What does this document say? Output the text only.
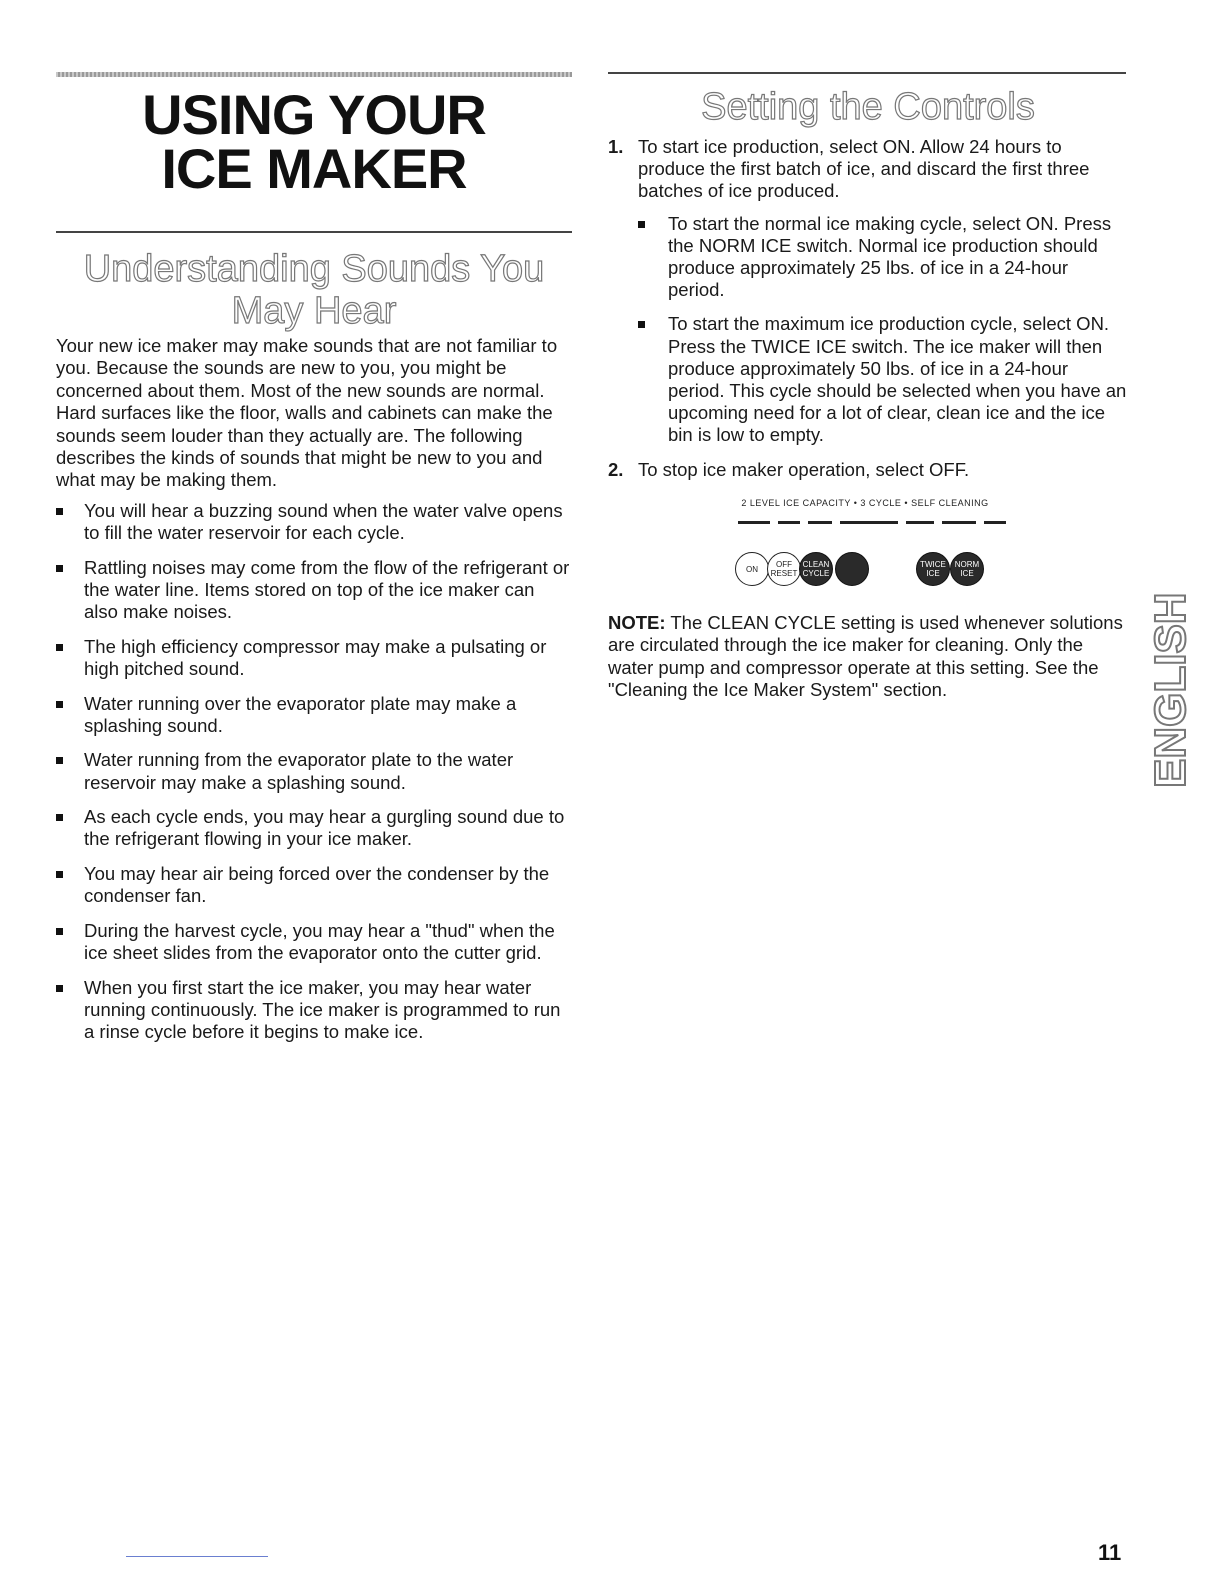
USING YOUR
ICE MAKER
Understanding Sounds You May Hear

Your new ice maker may make sounds that are not familiar to you. Because the sounds are new to you, you might be concerned about them. Most of the new sounds are normal. Hard surfaces like the floor, walls and cabinets can make the sounds seem louder than they actually are. The following describes the kinds of sounds that might be new to you and what may be making them.

You will hear a buzzing sound when the water valve opens to fill the water reservoir for each cycle.
Rattling noises may come from the flow of the refrigerant or the water line. Items stored on top of the ice maker can also make noises.
The high efficiency compressor may make a pulsating or high pitched sound.
Water running over the evaporator plate may make a splashing sound.
Water running from the evaporator plate to the water reservoir may make a splashing sound.
As each cycle ends, you may hear a gurgling sound due to the refrigerant flowing in your ice maker.
You may hear air being forced over the condenser by the condenser fan.
During the harvest cycle, you may hear a "thud" when the ice sheet slides from the evaporator onto the cutter grid.
When you first start the ice maker, you may hear water running continuously. The ice maker is programmed to run a rinse cycle before it begins to make ice.
Setting the Controls
1. To start ice production, select ON. Allow 24 hours to produce the first batch of ice, and discard the first three batches of ice produced.
To start the normal ice making cycle, select ON. Press the NORM ICE switch. Normal ice production should produce approximately 25 lbs. of ice in a 24-hour period.
To start the maximum ice production cycle, select ON. Press the TWICE ICE switch. The ice maker will then produce approximately 50 lbs. of ice in a 24-hour period. This cycle should be selected when you have an upcoming need for a lot of clear, clean ice and the ice bin is low to empty.
2. To stop ice maker operation, select OFF.
2 LEVEL ICE CAPACITY • 3 CYCLE • SELF CLEANING
ON	OFF RESET
CLEAN CYCLE
TWICE ICE
NORM ICE

NOTE: The CLEAN CYCLE setting is used whenever solutions are circulated through the ice maker for cleaning. Only the water pump and compressor operate at this setting. See the "Cleaning the Ice Maker System" section.	ENGLISH
11
